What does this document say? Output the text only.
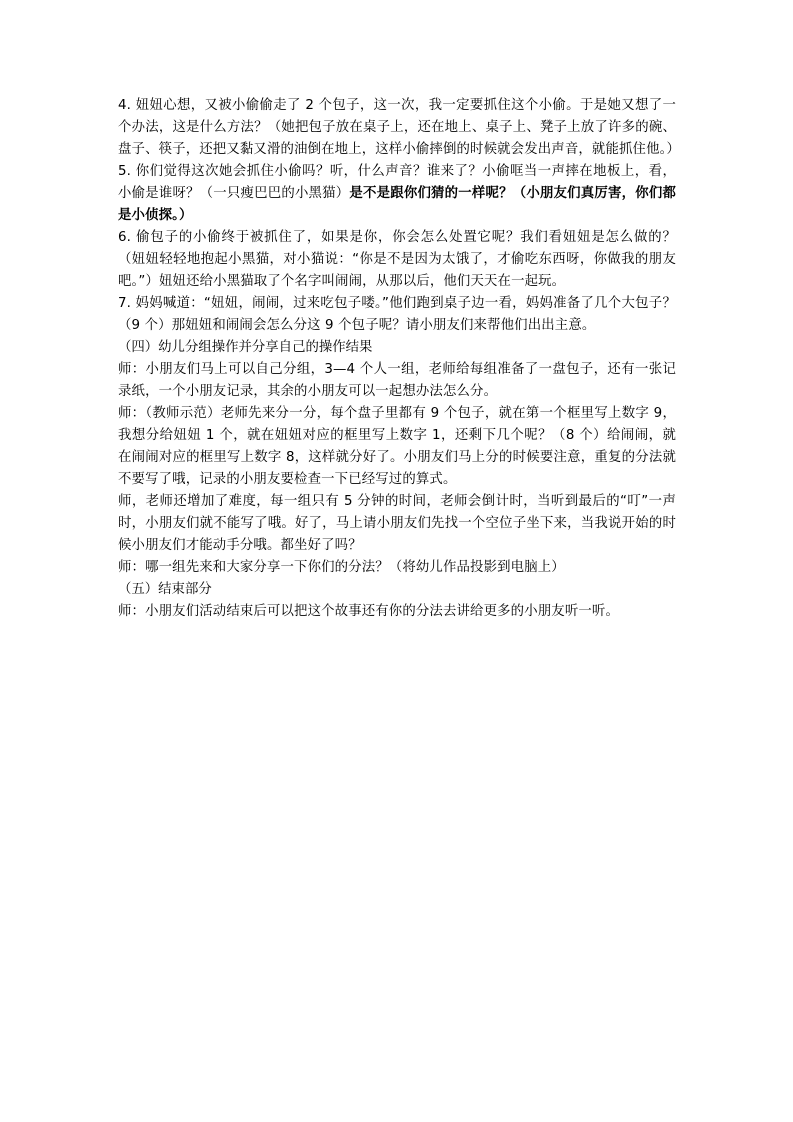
4. 妞妞心想，又被小偷偷走了 2 个包子，这一次，我一定要抓住这个小偷。于是她又想了一个办法，这是什么方法？（她把包子放在桌子上，还在地上、桌子上、凳子上放了许多的碗、盘子、筷子，还把又黏又滑的油倒在地上，这样小偷摔倒的时候就会发出声音，就能抓住他。）

5. 你们觉得这次她会抓住小偷吗？听，什么声音？谁来了？小偷哐当一声摔在地板上，看，小偷是谁呀？（一只瘦巴巴的小黑猫）是不是跟你们猜的一样呢？（小朋友们真厉害，你们都是小侦探。）

6. 偷包子的小偷终于被抓住了，如果是你，你会怎么处置它呢？我们看妞妞是怎么做的？（妞妞轻轻地抱起小黑猫，对小猫说：“你是不是因为太饿了，才偷吃东西呀，你做我的朋友吧。”）妞妞还给小黑猫取了个名字叫闹闹，从那以后，他们天天在一起玩。

7. 妈妈喊道：“妞妞，闹闹，过来吃包子喽。”他们跑到桌子边一看，妈妈准备了几个大包子？（9 个）那妞妞和闹闹会怎么分这 9 个包子呢？请小朋友们来帮他们出出主意。

（四）幼儿分组操作并分享自己的操作结果

师：小朋友们马上可以自己分组，3—4 个人一组，老师给每组准备了一盘包子，还有一张记录纸，一个小朋友记录，其余的小朋友可以一起想办法怎么分。

师：（教师示范）老师先来分一分，每个盘子里都有 9 个包子，就在第一个框里写上数字 9，我想分给妞妞 1 个，就在妞妞对应的框里写上数字 1，还剩下几个呢？（8 个）给闹闹，就在闹闹对应的框里写上数字 8，这样就分好了。小朋友们马上分的时候要注意，重复的分法就不要写了哦，记录的小朋友要检查一下已经写过的算式。

师，老师还增加了难度，每一组只有 5 分钟的时间，老师会倒计时，当听到最后的“叮”一声时，小朋友们就不能写了哦。好了，马上请小朋友们先找一个空位子坐下来，当我说开始的时候小朋友们才能动手分哦。都坐好了吗？

师：哪一组先来和大家分享一下你们的分法？（将幼儿作品投影到电脑上）

（五）结束部分

师：小朋友们活动结束后可以把这个故事还有你的分法去讲给更多的小朋友听一听。
